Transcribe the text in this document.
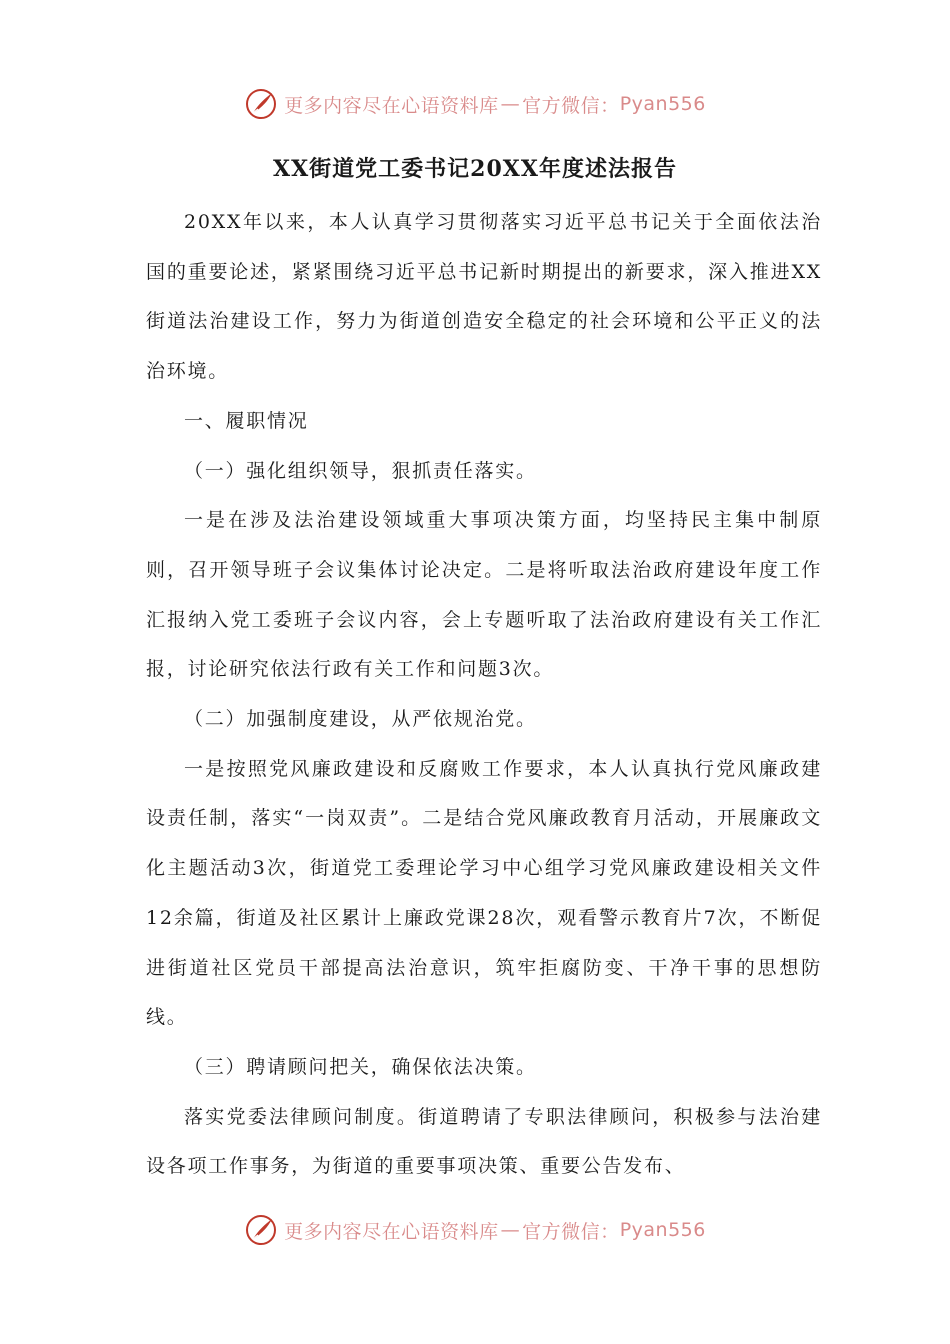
更多内容尽在心语资料库 — 官方微信： Pyan556
XX街道党工委书记20XX年度述法报告

20XX年以来，本人认真学习贯彻落实习近平总书记关于全面依法治国的重要论述，紧紧围绕习近平总书记新时期提出的新要求，深入推进XX街道法治建设工作，努力为街道创造安全稳定的社会环境和公平正义的法治环境。

一、履职情况

（一）强化组织领导，狠抓责任落实。

一是在涉及法治建设领域重大事项决策方面，均坚持民主集中制原则，召开领导班子会议集体讨论决定。二是将听取法治政府建设年度工作汇报纳入党工委班子会议内容，会上专题听取了法治政府建设有关工作汇报，讨论研究依法行政有关工作和问题3次。

（二）加强制度建设，从严依规治党。

一是按照党风廉政建设和反腐败工作要求，本人认真执行党风廉政建设责任制，落实“一岗双责”。二是结合党风廉政教育月活动，开展廉政文化主题活动3次，街道党工委理论学习中心组学习党风廉政建设相关文件12余篇，街道及社区累计上廉政党课28次，观看警示教育片7次，不断促进街道社区党员干部提高法治意识，筑牢拒腐防变、干净干事的思想防线。

（三）聘请顾问把关，确保依法决策。

落实党委法律顾问制度。街道聘请了专职法律顾问，积极参与法治建设各项工作事务，为街道的重要事项决策、重要公告发布、

更多内容尽在心语资料库 — 官方微信： Pyan556
